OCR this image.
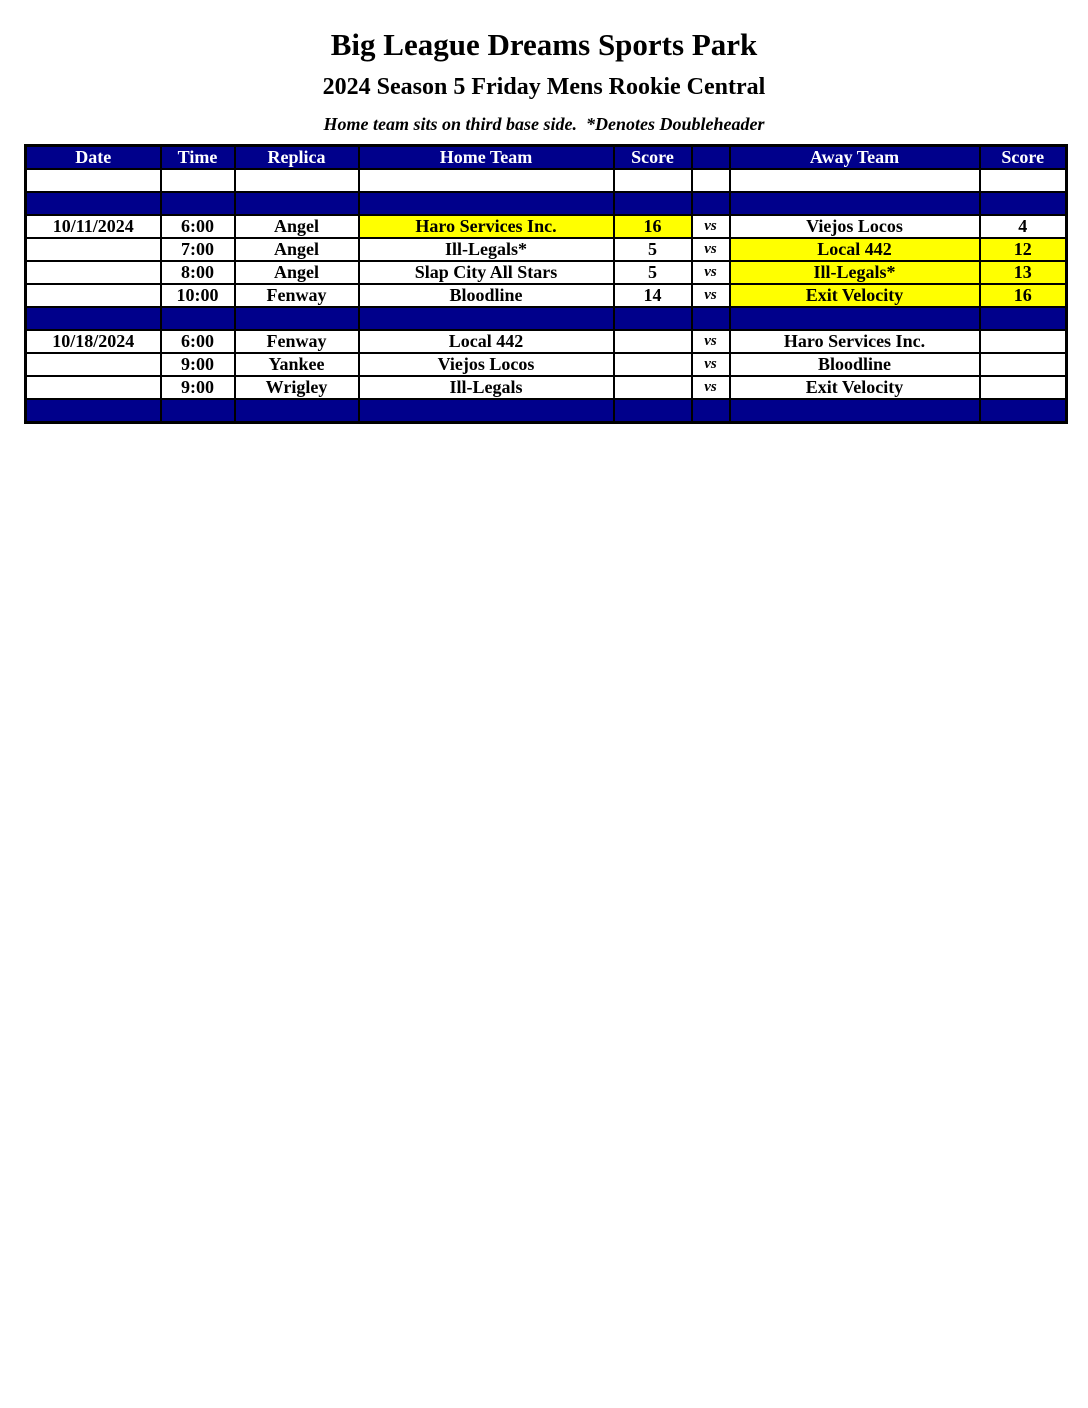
Big League Dreams Sports Park
2024 Season 5 Friday Mens Rookie Central
Home team sits on third base side.  *Denotes Doubleheader
Date	Time	Replica	Home Team	Score		Away Team	Score

10/11/2024	6:00	Angel	Haro Services Inc.	16	vs	Viejos Locos	4
	7:00	Angel	Ill-Legals*	5	vs	Local 442	12
	8:00	Angel	Slap City All Stars	5	vs	Ill-Legals*	13
	10:00	Fenway	Bloodline	14	vs	Exit Velocity	16

10/18/2024	6:00	Fenway	Local 442		vs	Haro Services Inc.	
	9:00	Yankee	Viejos Locos		vs	Bloodline	
	9:00	Wrigley	Ill-Legals		vs	Exit Velocity	
